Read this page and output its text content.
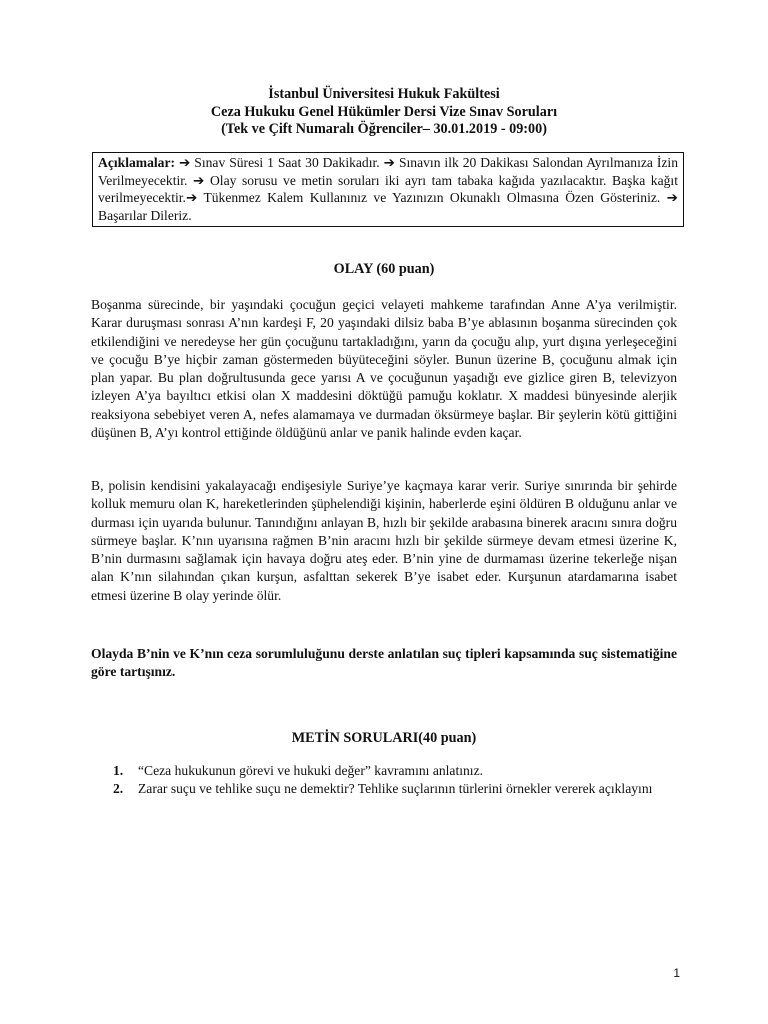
İstanbul Üniversitesi Hukuk Fakültesi
Ceza Hukuku Genel Hükümler Dersi Vize Sınav Soruları
(Tek ve Çift Numaralı Öğrenciler– 30.01.2019 - 09:00)
Açıklamalar: ➔ Sınav Süresi 1 Saat 30 Dakikadır. ➔ Sınavın ilk 20 Dakikası Salondan Ayrılmanıza İzin Verilmeyecektir. ➔ Olay sorusu ve metin soruları iki ayrı tam tabaka kağıda yazılacaktır. Başka kağıt verilmeyecektir.➔ Tükenmez Kalem Kullanınız ve Yazınızın Okunaklı Olmasına Özen Gösteriniz. ➔ Başarılar Dileriz.
OLAY (60 puan)
Boşanma sürecinde, bir yaşındaki çocuğun geçici velayeti mahkeme tarafından Anne A’ya verilmiştir. Karar duruşması sonrası A’nın kardeşi F, 20 yaşındaki dilsiz baba B’ye ablasının boşanma sürecinden çok etkilendiğini ve neredeyse her gün çocuğunu tartakladığını, yarın da çocuğu alıp, yurt dışına yerleşeceğini ve çocuğu B’ye hiçbir zaman göstermeden büyüteceğini söyler. Bunun üzerine B, çocuğunu almak için plan yapar. Bu plan doğrultusunda gece yarısı A ve çocuğunun yaşadığı eve gizlice giren B, televizyon izleyen A’ya bayıltıcı etkisi olan X maddesini döktüğü pamuğu koklatır. X maddesi bünyesinde alerjik reaksiyona sebebiyet veren A, nefes alamamaya ve durmadan öksürmeye başlar. Bir şeylerin kötü gittiğini düşünen B, A’yı kontrol ettiğinde öldüğünü anlar ve panik halinde evden kaçar.
B, polisin kendisini yakalayacağı endişesiyle Suriye’ye kaçmaya karar verir. Suriye sınırında bir şehirde kolluk memuru olan K, hareketlerinden şüphelendiği kişinin, haberlerde eşini öldüren B olduğunu anlar ve durması için uyarıda bulunur. Tanındığını anlayan B, hızlı bir şekilde arabasına binerek aracını sınıra doğru sürmeye başlar. K’nın uyarısına rağmen B’nin aracını hızlı bir şekilde sürmeye devam etmesi üzerine K, B’nin durmasını sağlamak için havaya doğru ateş eder. B’nin yine de durmaması üzerine tekerleğe nişan alan K’nın silahından çıkan kurşun, asfalttan sekerek B’ye isabet eder. Kurşunun atardamarına isabet etmesi üzerine B olay yerinde ölür.
Olayda B’nin ve K’nın ceza sorumluluğunu derste anlatılan suç tipleri kapsamında suç sistematiğine göre tartışınız.
METİN SORULARI(40 puan)
1.	“Ceza hukukunun görevi ve hukuki değer” kavramını anlatınız.
2.	Zarar suçu ve tehlike suçu ne demektir? Tehlike suçlarının türlerini örnekler vererek açıklayını
1
